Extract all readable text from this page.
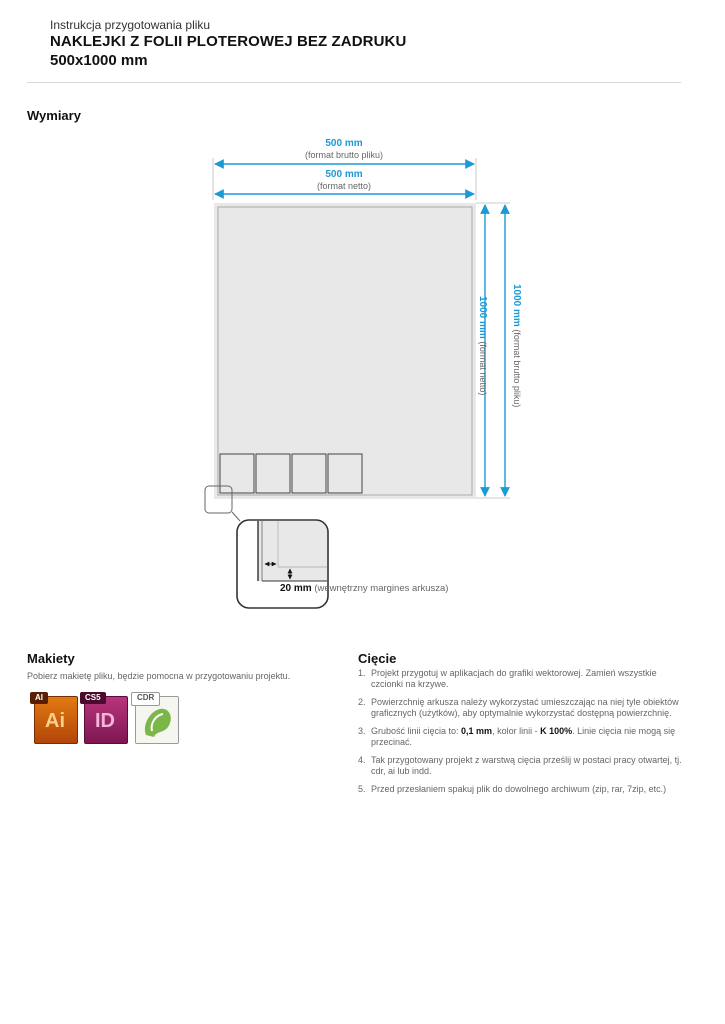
Instrukcja przygotowania pliku
NAKLEJKI Z FOLII PLOTEROWEJ BEZ ZADRUKU
500x1000 mm
Wymiary
500 mm
(format brutto pliku)
500 mm
(format netto)
1000 mm (format netto)
1000 mm (format brutto pliku)
20 mm (wewnętrzny margines arkusza)
Makiety
Pobierz makietę pliku, będzie pomocna w przygotowaniu projektu.
AI
Ai
CS5
ID
CDR
Cięcie
1. Projekt przygotuj w aplikacjach do grafiki wektorowej. Zamień wszystkie czcionki na krzywe.
2. Powierzchnię arkusza należy wykorzystać umieszczając na niej tyle obiektów graficznych (użytków), aby optymalnie wykorzystać dostępną powierzchnię.
3. Grubość linii cięcia to: 0,1 mm, kolor linii - K 100%. Linie cięcia nie mogą się przecinać.
4. Tak przygotowany projekt z warstwą cięcia prześlij w postaci pracy otwartej, tj. cdr, ai lub indd.
5. Przed przesłaniem spakuj plik do dowolnego archiwum (zip, rar, 7zip, etc.)
